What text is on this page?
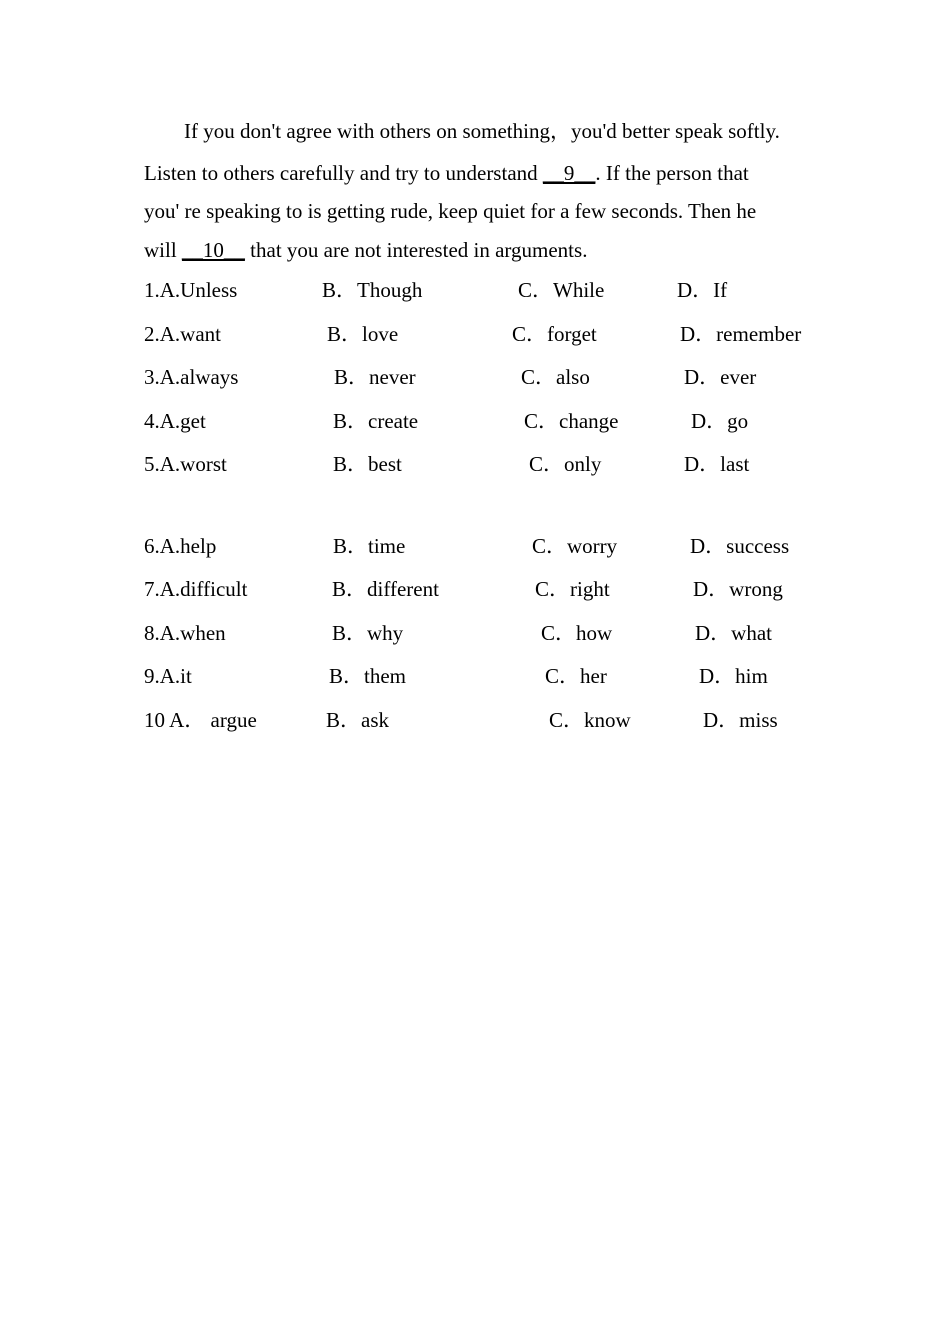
If you don't agree with others on something，you'd better speak softly.
Listen to others carefully and try to understand __9__. If the person that
you' re speaking to is getting rude, keep quiet for a few seconds. Then he
will __10__ that you are not interested in arguments.
1.A.Unless	B．Though	C．While	D．If
2.A.want	B．love	C．forget	D．remember
3.A.always	B．never	C．also	D．ever
4.A.get	B．create	C．change	D．go
5.A.worst	B．best	C．only	D．last
6.A.help	B．time	C．worry	D．success
7.A.difficult	B．different	C．right	D．wrong
8.A.when	B．why	C．how	D．what
9.A.it	B．them	C．her	D．him
10 A． argue	B．ask	C．know	D．miss
